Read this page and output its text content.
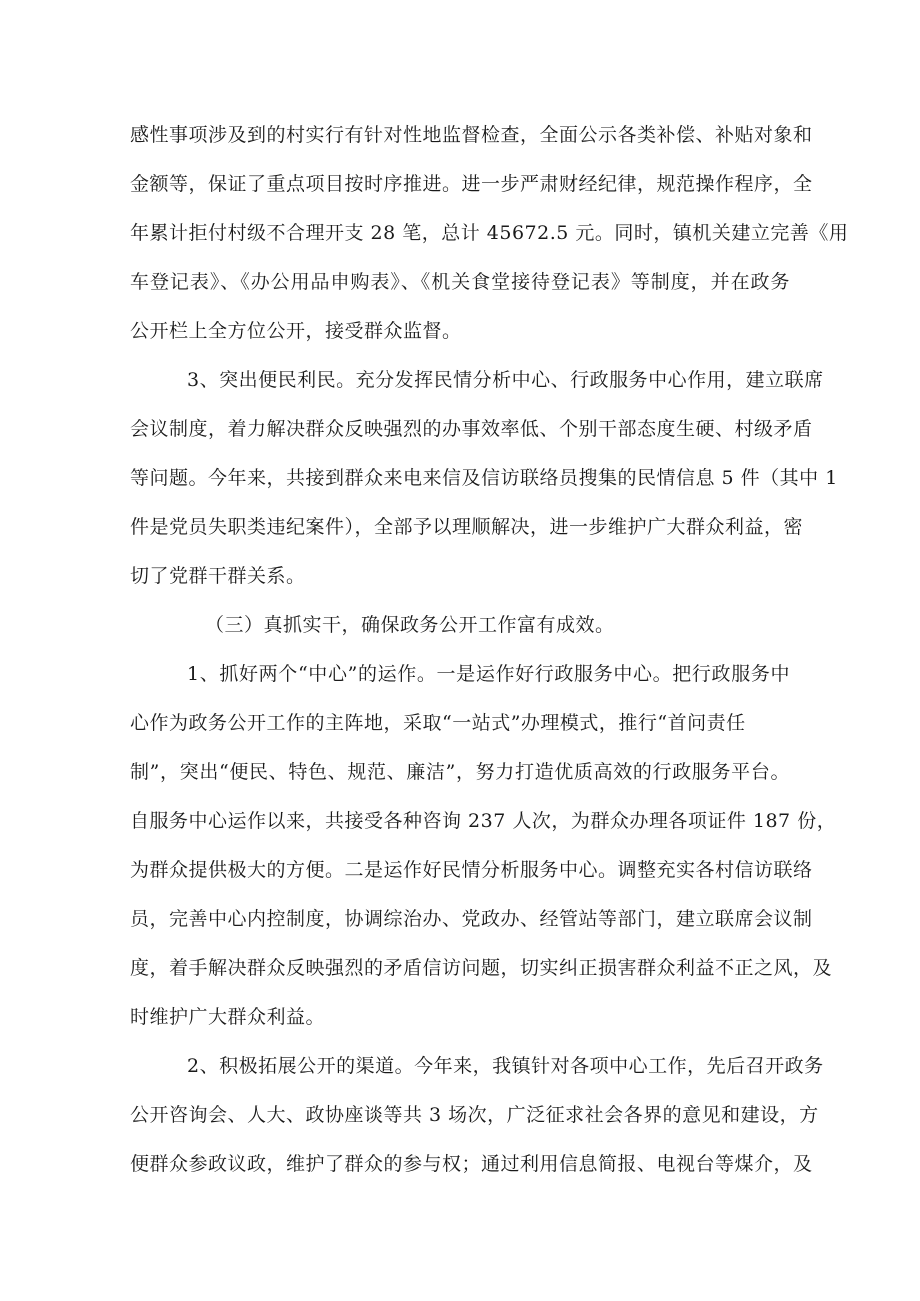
感性事项涉及到的村实行有针对性地监督检查，全面公示各类补偿、补贴对象和
金额等，保证了重点项目按时序推进。进一步严肃财经纪律，规范操作程序，全
年累计拒付村级不合理开支 28 笔，总计 45672.5 元。同时，镇机关建立完善《用
车登记表》、《办公用品申购表》、《机关食堂接待登记表》等制度，并在政务
公开栏上全方位公开，接受群众监督。
3、突出便民利民。充分发挥民情分析中心、行政服务中心作用，建立联席
会议制度，着力解决群众反映强烈的办事效率低、个别干部态度生硬、村级矛盾
等问题。今年来，共接到群众来电来信及信访联络员搜集的民情信息 5 件（其中 1
件是党员失职类违纪案件），全部予以理顺解决，进一步维护广大群众利益，密
切了党群干群关系。
（三）真抓实干，确保政务公开工作富有成效。
1、抓好两个“中心”的运作。一是运作好行政服务中心。把行政服务中
心作为政务公开工作的主阵地，采取“一站式”办理模式，推行“首问责任
制”，突出“便民、特色、规范、廉洁”，努力打造优质高效的行政服务平台。
自服务中心运作以来，共接受各种咨询 237 人次，为群众办理各项证件 187 份，
为群众提供极大的方便。二是运作好民情分析服务中心。调整充实各村信访联络
员，完善中心内控制度，协调综治办、党政办、经管站等部门，建立联席会议制
度，着手解决群众反映强烈的矛盾信访问题，切实纠正损害群众利益不正之风，及
时维护广大群众利益。
2、积极拓展公开的渠道。今年来，我镇针对各项中心工作，先后召开政务
公开咨询会、人大、政协座谈等共 3 场次，广泛征求社会各界的意见和建设，方
便群众参政议政，维护了群众的参与权；通过利用信息简报、电视台等煤介，及
